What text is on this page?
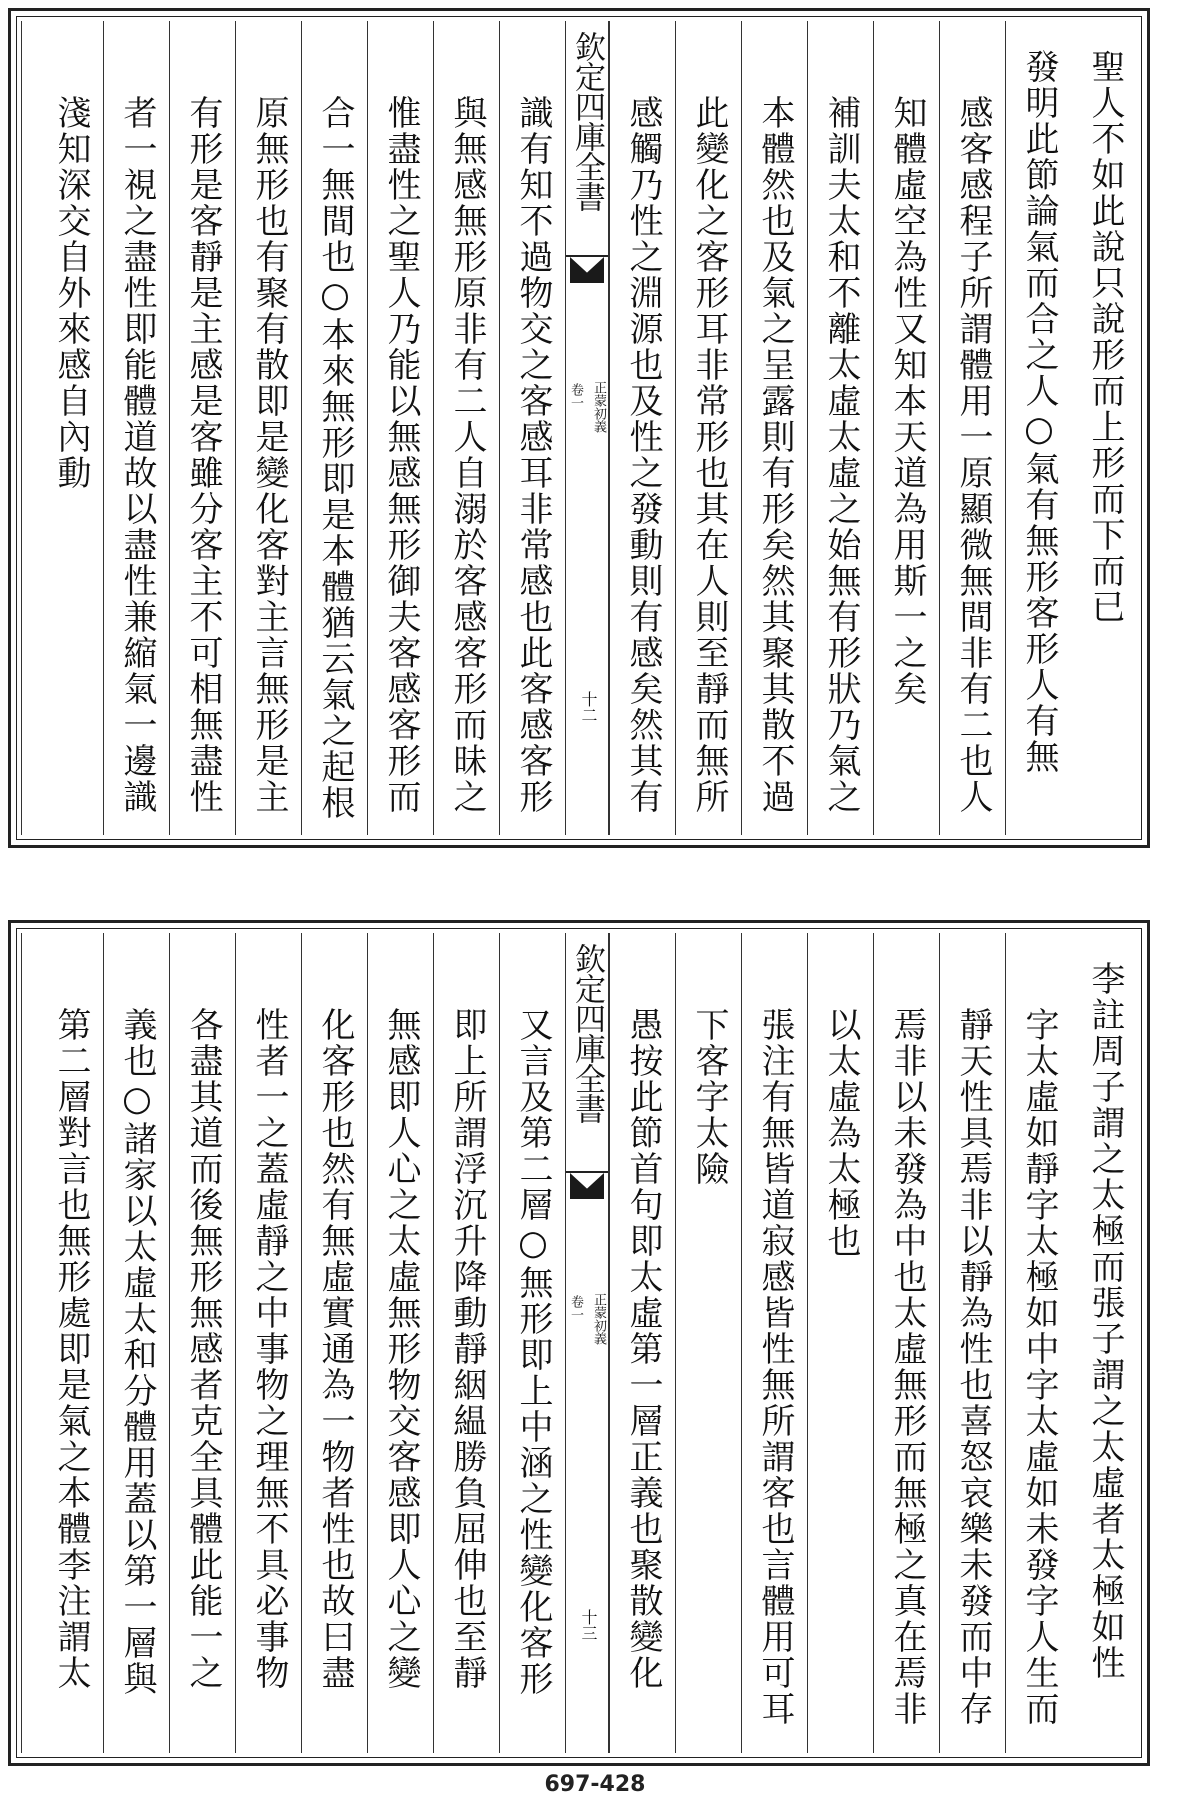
聖人不如此說只說形而上形而下而已
發明此節論氣而合之人○氣有無形客形人有無
感客感程子所謂體用一原顯微無間非有二也人
知體虛空為性又知本天道為用斯一之矣
補訓夫太和不離太虛太虛之始無有形狀乃氣之
本體然也及氣之呈露則有形矣然其聚其散不過
此變化之客形耳非常形也其在人則至靜而無所
感觸乃性之淵源也及性之發動則有感矣然其有
欽定四庫全書
正蒙初義
卷一
十二
識有知不過物交之客感耳非常感也此客感客形
與無感無形原非有二人自溺於客感客形而昧之
惟盡性之聖人乃能以無感無形御夫客感客形而
合一無間也○本來無形即是本體猶云氣之起根
原無形也有聚有散即是變化客對主言無形是主
有形是客靜是主感是客雖分客主不可相無盡性
者一視之盡性即能體道故以盡性兼縮氣一邊識
淺知深交自外來感自內動
李註周子謂之太極而張子謂之太虛者太極如性
字太虛如靜字太極如中字太虛如未發字人生而
靜天性具焉非以靜為性也喜怒哀樂未發而中存
焉非以未發為中也太虛無形而無極之真在焉非
以太虛為太極也
張注有無皆道寂感皆性無所謂客也言體用可耳
下客字太險
愚按此節首句即太虛第一層正義也聚散變化
欽定四庫全書
正蒙初義
卷一
十三
又言及第二層○無形即上中涵之性變化客形
即上所謂浮沉升降動靜絪緼勝負屈伸也至靜
無感即人心之太虛無形物交客感即人心之變
化客形也然有無虛實通為一物者性也故曰盡
性者一之蓋虛靜之中事物之理無不具必事物
各盡其道而後無形無感者克全具體此能一之
義也○諸家以太虛太和分體用蓋以第一層與
第二層對言也無形處即是氣之本體李注謂太
697-428
